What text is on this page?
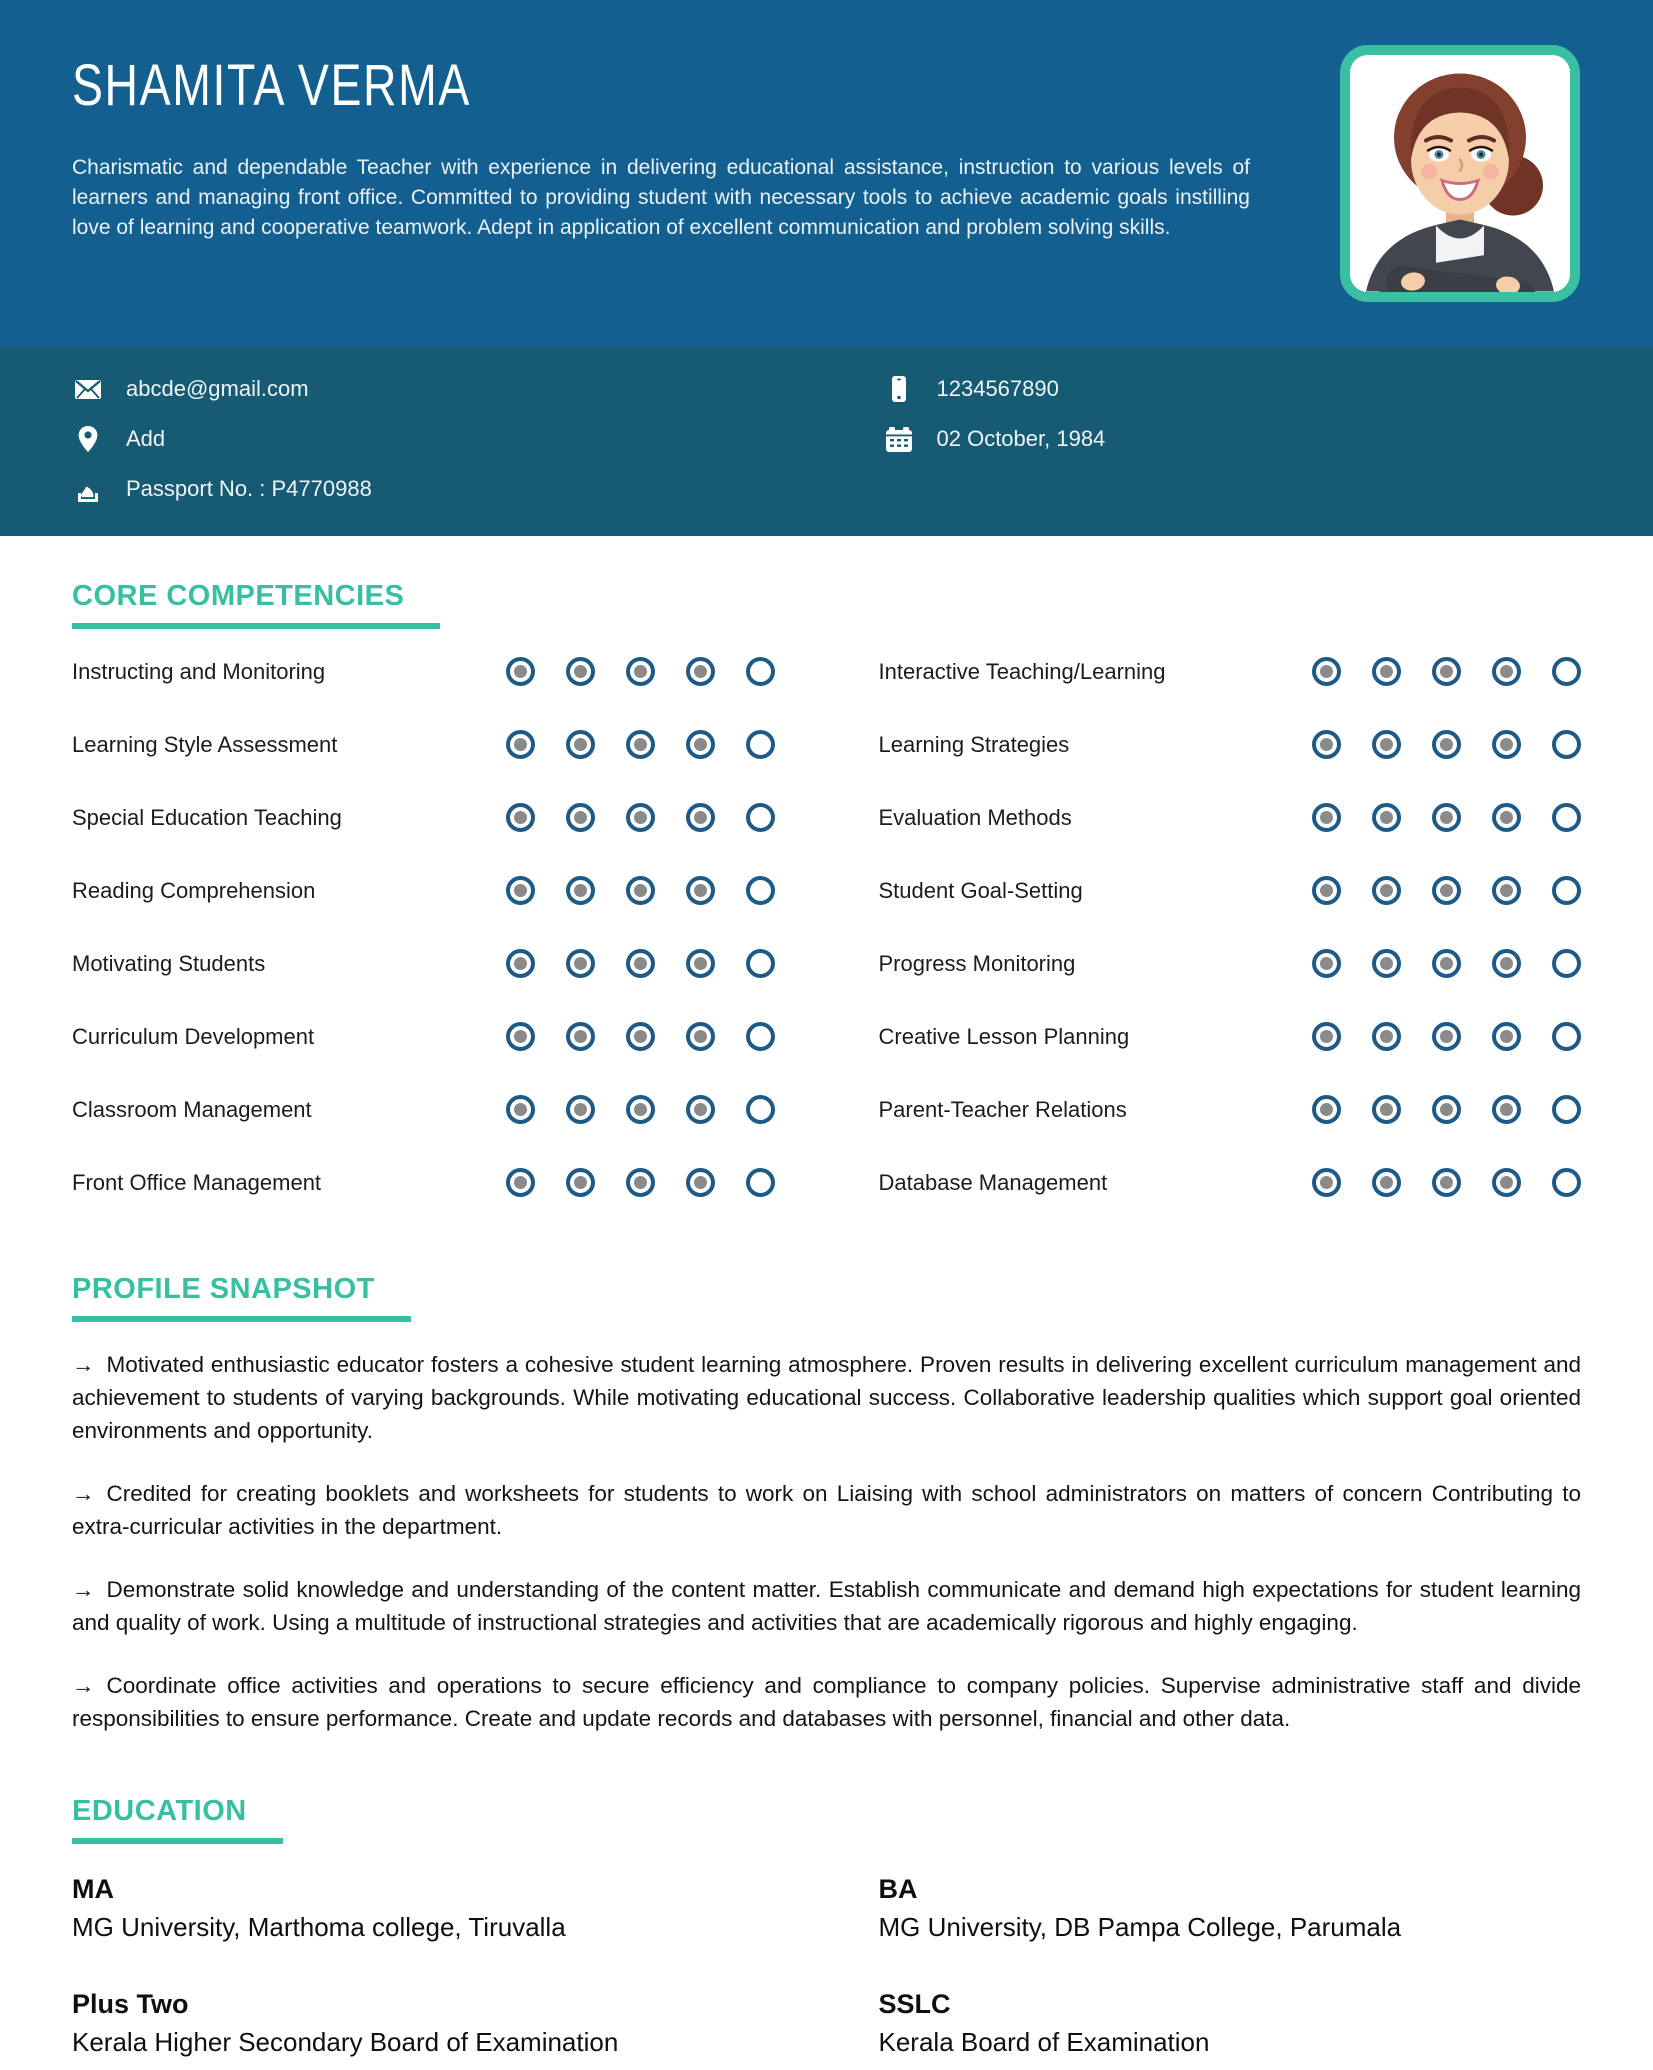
SHAMITA VERMA
Charismatic and dependable Teacher with experience in delivering educational assistance, instruction to various levels of learners and managing front office. Committed to providing student with necessary tools to achieve academic goals instilling love of learning and cooperative teamwork. Adept in application of excellent communication and problem solving skills.
abcde@gmail.com
Add
Passport No. : P4770988
1234567890
02 October, 1984
CORE COMPETENCIES
Instructing and Monitoring
Learning Style Assessment
Special Education Teaching
Reading Comprehension
Motivating Students
Curriculum Development
Classroom Management
Front Office Management
Interactive Teaching/Learning
Learning Strategies
Evaluation Methods
Student Goal-Setting
Progress Monitoring
Creative Lesson Planning
Parent-Teacher Relations
Database Management
PROFILE SNAPSHOT

→ Motivated enthusiastic educator fosters a cohesive student learning atmosphere. Proven results in delivering excellent curriculum management and achievement to students of varying backgrounds. While motivating educational success. Collaborative leadership qualities which support goal oriented environments and opportunity.

→ Credited for creating booklets and worksheets for students to work on Liaising with school administrators on matters of concern Contributing to extra-curricular activities in the department.

→ Demonstrate solid knowledge and understanding of the content matter. Establish communicate and demand high expectations for student learning and quality of work. Using a multitude of instructional strategies and activities that are academically rigorous and highly engaging.

→ Coordinate office activities and operations to secure efficiency and compliance to company policies. Supervise administrative staff and divide responsibilities to ensure performance. Create and update records and databases with personnel, financial and other data.

EDUCATION
MA
MG University, Marthoma college, Tiruvalla
BA
MG University, DB Pampa College, Parumala
Plus Two
Kerala Higher Secondary Board of Examination
SSLC
Kerala Board of Examination
